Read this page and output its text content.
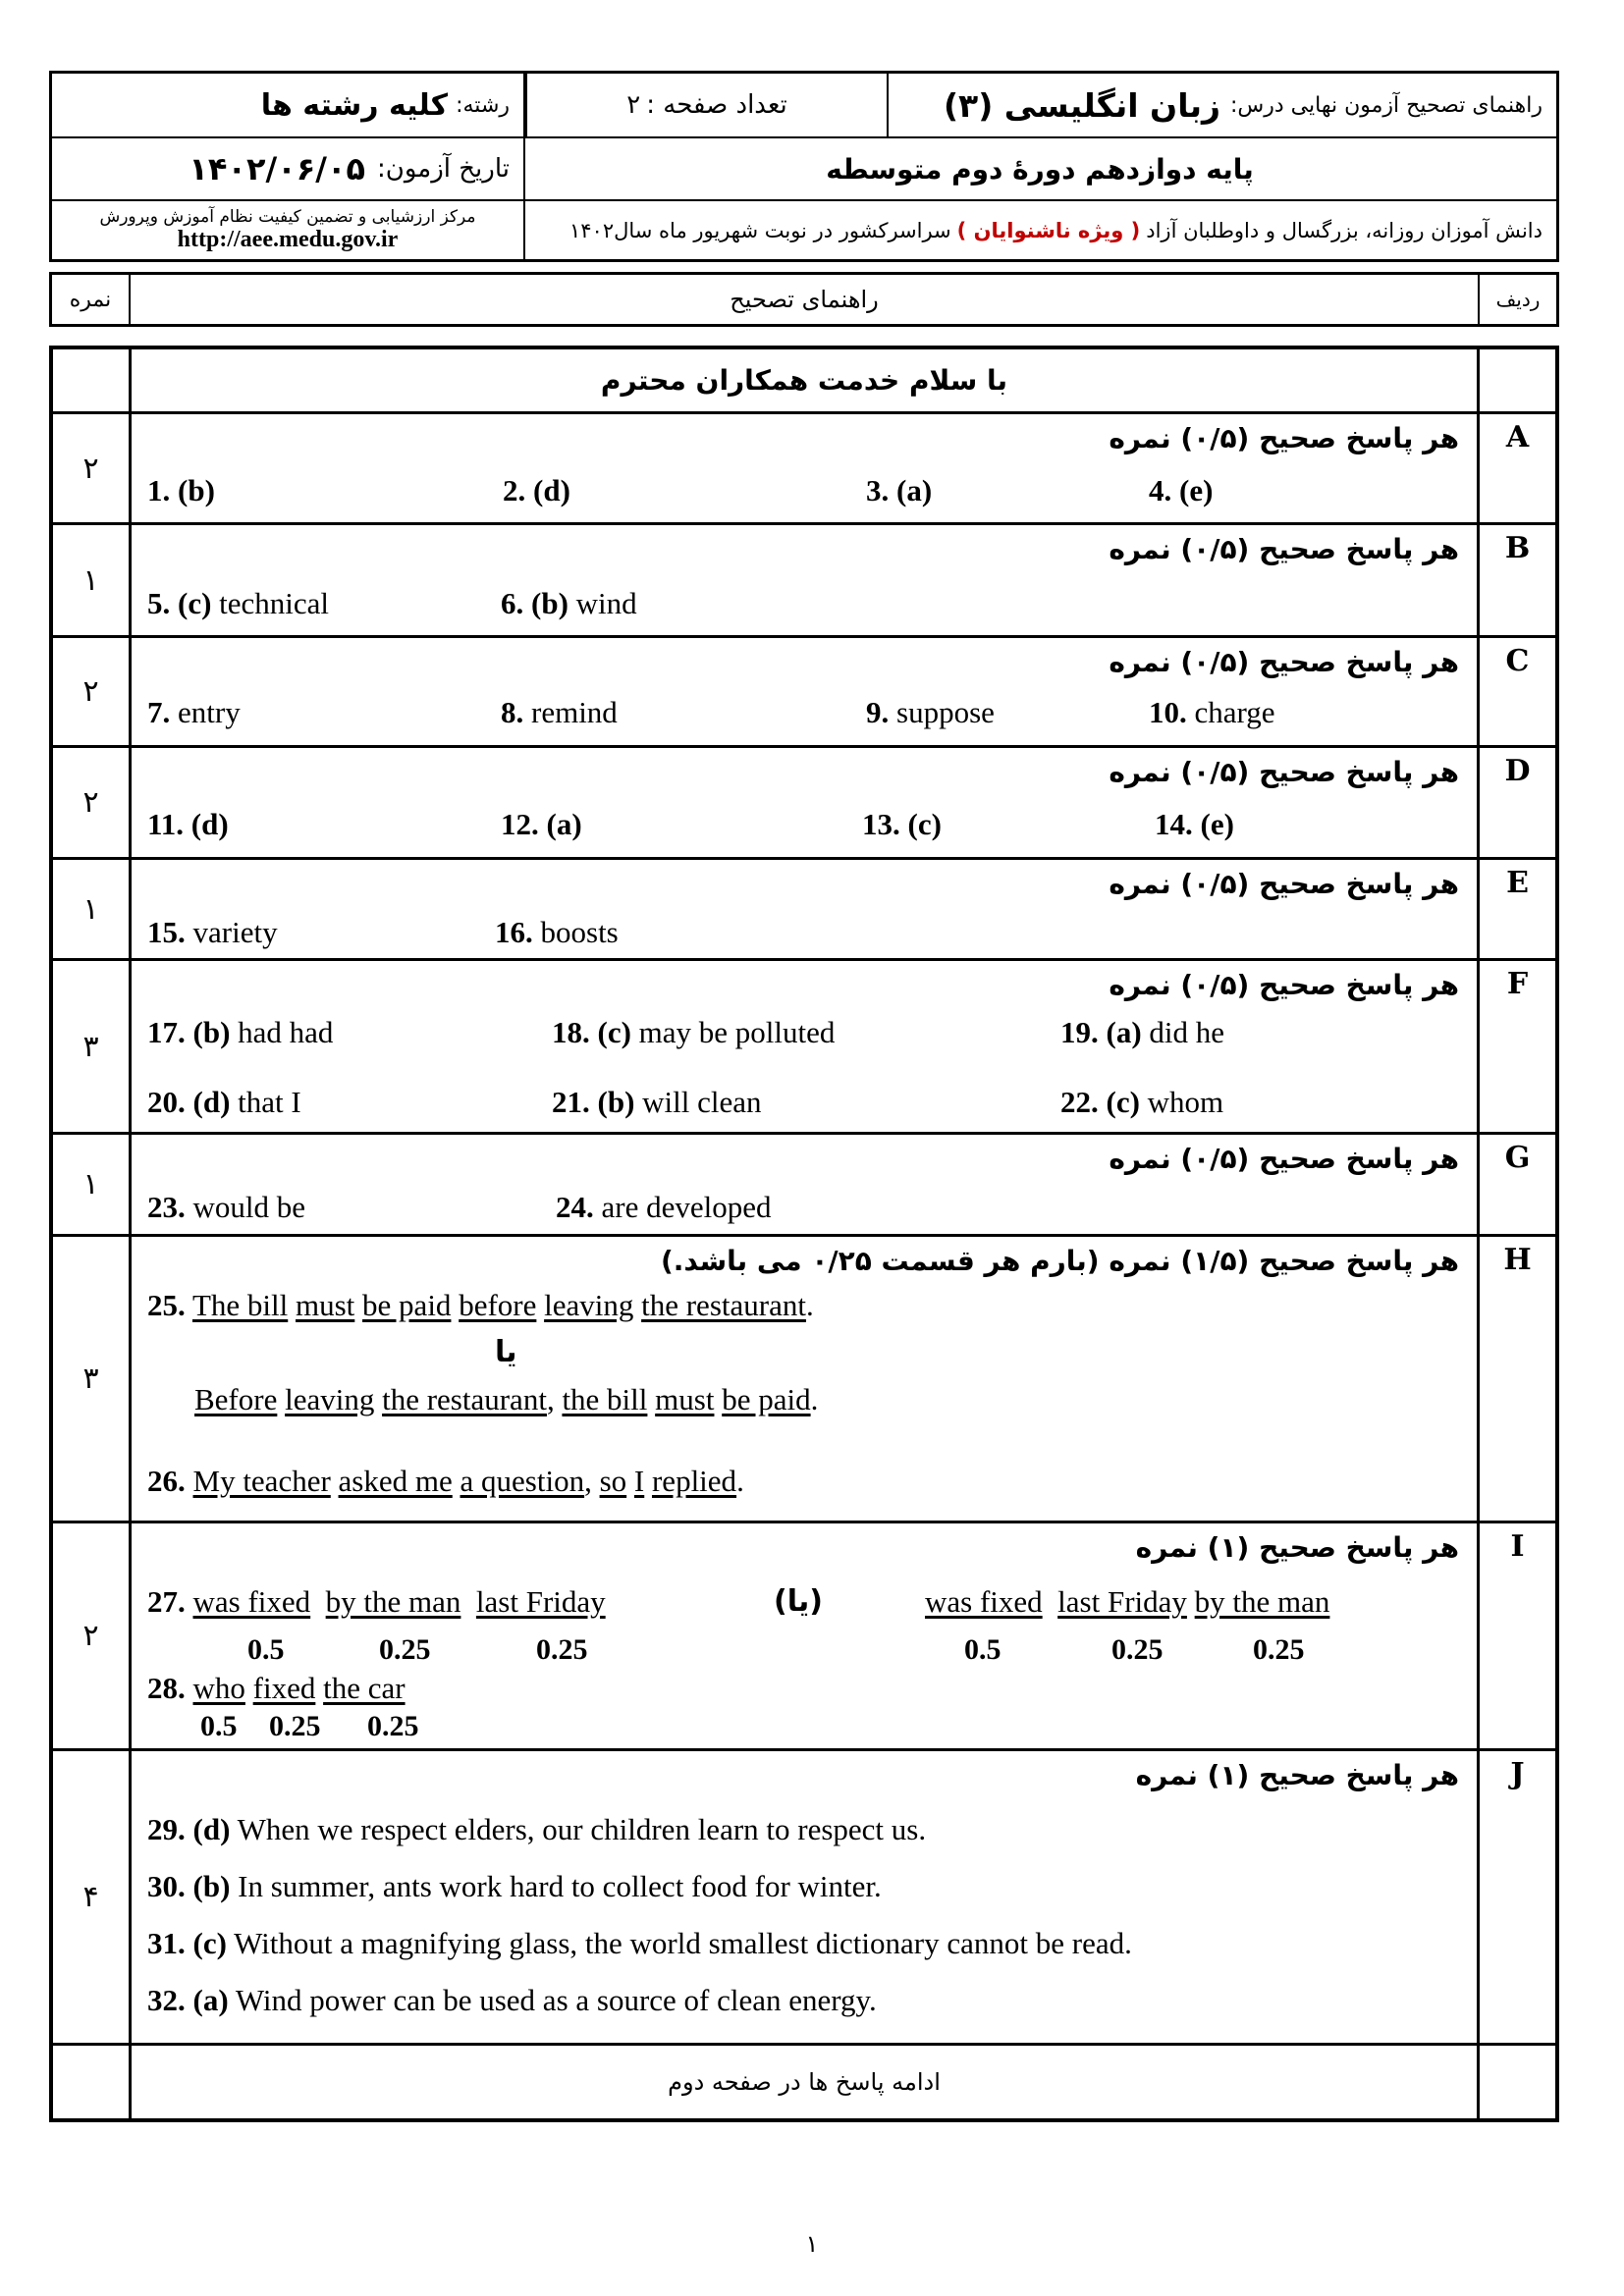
راهنمای تصحیح آزمون نهایی درس:
زبان انگلیسی (۳)
تعداد صفحه :
۲
رشته:
کلیه رشته ها
پایه دوازدهم دورهٔ دوم متوسطه
تاریخ آزمون:
۱۴۰۲/۰۶/۰۵
دانش آموزان روزانه، بزرگسال و داوطلبان آزاد
( ویژه ناشنوایان )
سراسرکشور در نوبت شهریور ماه سال۱۴۰۲
مرکز ارزشیابی و تضمین کیفیت نظام آموزش وپرورش
http://aee.medu.gov.ir
نمره	راهنمای تصحیح	ردیف
با سلام خدمت همکاران محترم
۲
هر پاسخ صحیح (۰/۵) نمره
1. (b)	2. (d)	3. (a)	4. (e)
A
۱
هر پاسخ صحیح (۰/۵) نمره
5. (c) technical	6. (b) wind
B
۲
هر پاسخ صحیح (۰/۵) نمره
7. entry	8. remind	9. suppose	10. charge
C
۲
هر پاسخ صحیح (۰/۵) نمره
11. (d)	12. (a)	13. (c)	14. (e)
D
۱
هر پاسخ صحیح (۰/۵) نمره
15. variety	16. boosts
E
۳
هر پاسخ صحیح (۰/۵) نمره
17. (b) had had	18. (c) may be polluted	19. (a) did he
20. (d) that I	21. (b) will clean	22. (c) whom
F
۱
هر پاسخ صحیح (۰/۵) نمره
23. would be	24. are developed
G
۳
هر پاسخ صحیح (۱/۵) نمره (بارم هر قسمت ۰/۲۵ می باشد.)
25. The bill must be paid before leaving the restaurant.
یا
Before leaving the restaurant, the bill must be paid.
26. My teacher asked me a question, so I replied.
H
۲
هر پاسخ صحیح (۱) نمره
27. was fixed by the man last Friday	(یا)	was fixed last Friday by the man
0.5	0.25	0.25	0.5	0.25	0.25
28. who fixed the car
0.5 0.25 0.25
I
۴
هر پاسخ صحیح (۱) نمره
29. (d) When we respect elders, our children learn to respect us.
30. (b) In summer, ants work hard to collect food for winter.
31. (c) Without a magnifying glass, the world smallest dictionary cannot be read.
32. (a) Wind power can be used as a source of clean energy.
J
ادامه پاسخ ها در صفحه دوم
۱
